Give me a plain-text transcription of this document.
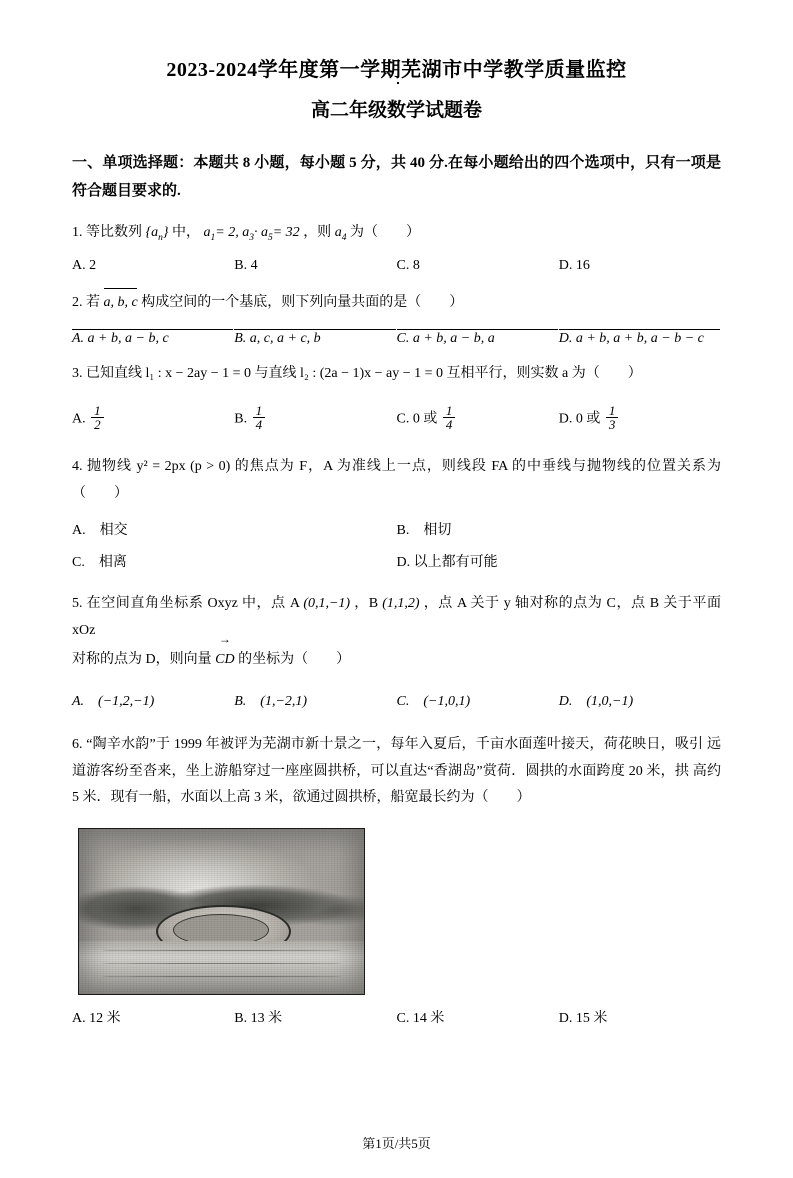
2023-2024学年度第一学期芜湖市中学教学质量监控
高二年级数学试题卷
一、单项选择题：本题共 8 小题，每小题 5 分，共 40 分.在每小题给出的四个选项中，只有一项是符合题目要求的.
1. 等比数列 $\{a_n\}$ 中， $a_1= 2$, $a_3\cdot a_5= 32$ ，则 $a_4$ 为（　　）
A. 2	B. 4	C. 8	D. 16
2. 若 a, b, c 构成空间的一个基底，则下列向量共面的是（　　）
A. a + b, a − b, c	B. a, c, a + c, b	C. a + b, a − b, a	D. a + b, a + b, a − b − c
3. 已知直线 l₁ : x − 2ay − 1 = 0 与直线 l₂ : (2a − 1)x − ay − 1 = 0 互相平行，则实数 a 为（　　）
A. $\frac{1}{2}$	B. $\frac{1}{4}$	C. 0 或 $\frac{1}{4}$	D. 0 或 $\frac{1}{3}$
4. 抛物线 y² = 2px (p > 0) 的焦点为 F，A 为准线上一点，则线段 FA 的中垂线与抛物线的位置关系为（　　）
A.　相交	B.　相切
C.　相离	D. 以上都有可能
5. 在空间直角坐标系 Oxyz 中，点 A (0,1,−1) ，B (1,1,2) ，点 A 关于 y 轴对称的点为 C，点 B 关于平面 xOz
对称的点为 D，则向量 → CD 的坐标为（　　）
A.　(−1,2,−1)	B.　(1,−2,1)	C.　(−1,0,1)	D.　(1,0,−1)
6. “陶辛水韵”于 1999 年被评为芜湖市新十景之一，每年入夏后，千亩水面莲叶接天，荷花映日，吸引 远道游客纷至沓来，坐上游船穿过一座座圆拱桥，可以直达“香湖岛”赏荷．圆拱的水面跨度 20 米，拱 高约 5 米．现有一船，水面以上高 3 米，欲通过圆拱桥，船宽最长约为（　　）
A. 12 米	B. 13 米	C. 14 米	D. 15 米
第1页/共5页
